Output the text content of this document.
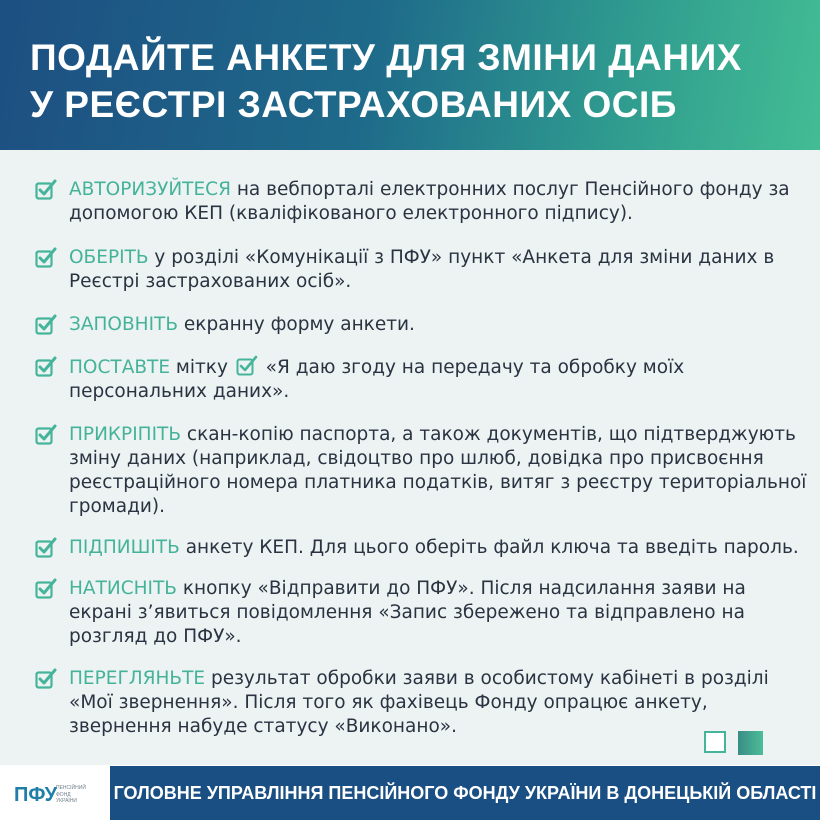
ПОДАЙТЕ АНКЕТУ ДЛЯ ЗМІНИ ДАНИХ
У РЕЄСТРІ ЗАСТРАХОВАНИХ ОСІБ
АВТОРИЗУЙТЕСЯ на вебпорталі електронних послуг Пенсійного фонду за допомогою КЕП (кваліфікованого електронного підпису).
ОБЕРІТЬ у розділі «Комунікації з ПФУ» пункт «Анкета для зміни даних в Реєстрі застрахованих осіб».
ЗАПОВНІТЬ екранну форму анкети.
ПОСТАВТЕ мітку  «Я даю згоду на передачу та обробку моїх персональних даних».
ПРИКРІПІТЬ скан-копію паспорта, а також документів, що підтверджують зміну даних (наприклад, свідоцтво про шлюб, довідка про присвоєння реєстраційного номера платника податків, витяг з реєстру територіальної громади).
ПІДПИШІТЬ анкету КЕП. Для цього оберіть файл ключа та введіть пароль.
НАТИСНІТЬ кнопку «Відправити до ПФУ». Після надсилання заяви на екрані з’явиться повідомлення «Запис збережено та відправлено на розгляд до ПФУ».
ПЕРЕГЛЯНЬТЕ результат обробки заяви в особистому кабінеті в розділі «Мої звернення». Після того як фахівець Фонду опрацює анкету, звернення набуде статусу «Виконано».
ПФУ
ПЕНСІЙНИЙ
ФОНД
УКРАЇНИ	ГОЛОВНЕ УПРАВЛІННЯ ПЕНСІЙНОГО ФОНДУ УКРАЇНИ В ДОНЕЦЬКІЙ ОБЛАСТІ
